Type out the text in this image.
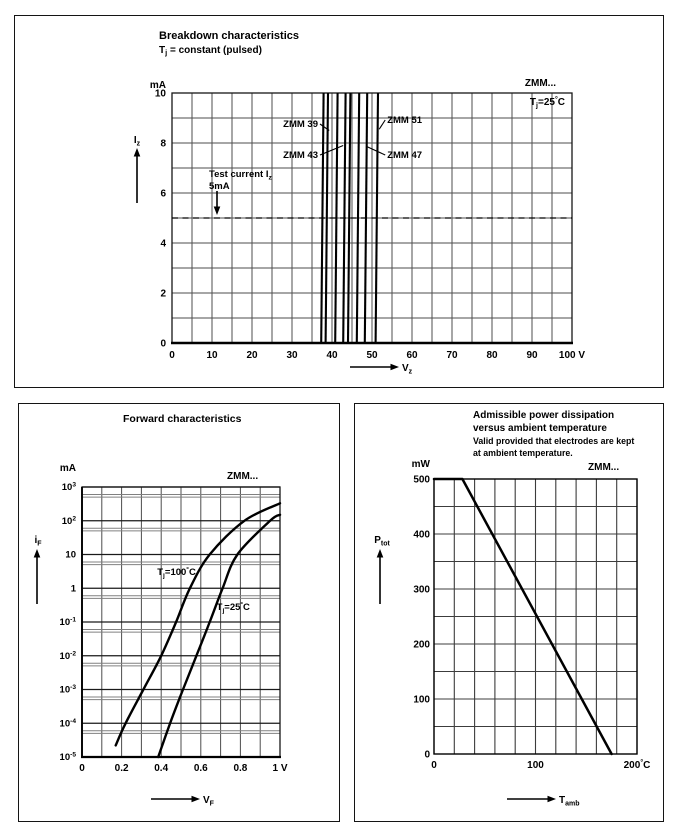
Breakdown characteristics
$T_j$ = constant (pulsed)
Forward characteristics	Admissible power dissipation
versus ambient temperature
Valid provided that electrodes are kept
at ambient temperature.
0	10	20	30	40	50	60	70	80	90 100 V
10
8
6
4
2
0
mA	ZMM...
$T_j=25^\circ C$
Test current $I_z$
5mA
ZMM 39
ZMM 43
ZMM 51
ZMM 47
$I_z$
$V_z$
$T_j=100^\circ C$
$T_j=25^\circ C$
0	0.2	0.4	0.6	0.8	1 V
$10^3$
$10^2$
10
1
$10^{-1}$
$10^{-2}$
$10^{-3}$
$10^{-4}$
$10^{-5}$
mA
ZMM...
$i_F$
$V_F$
0	100	200°C
500
400
300
200
100
0
mW	ZMM...
$P_{tot}$
$T_{amb}$
